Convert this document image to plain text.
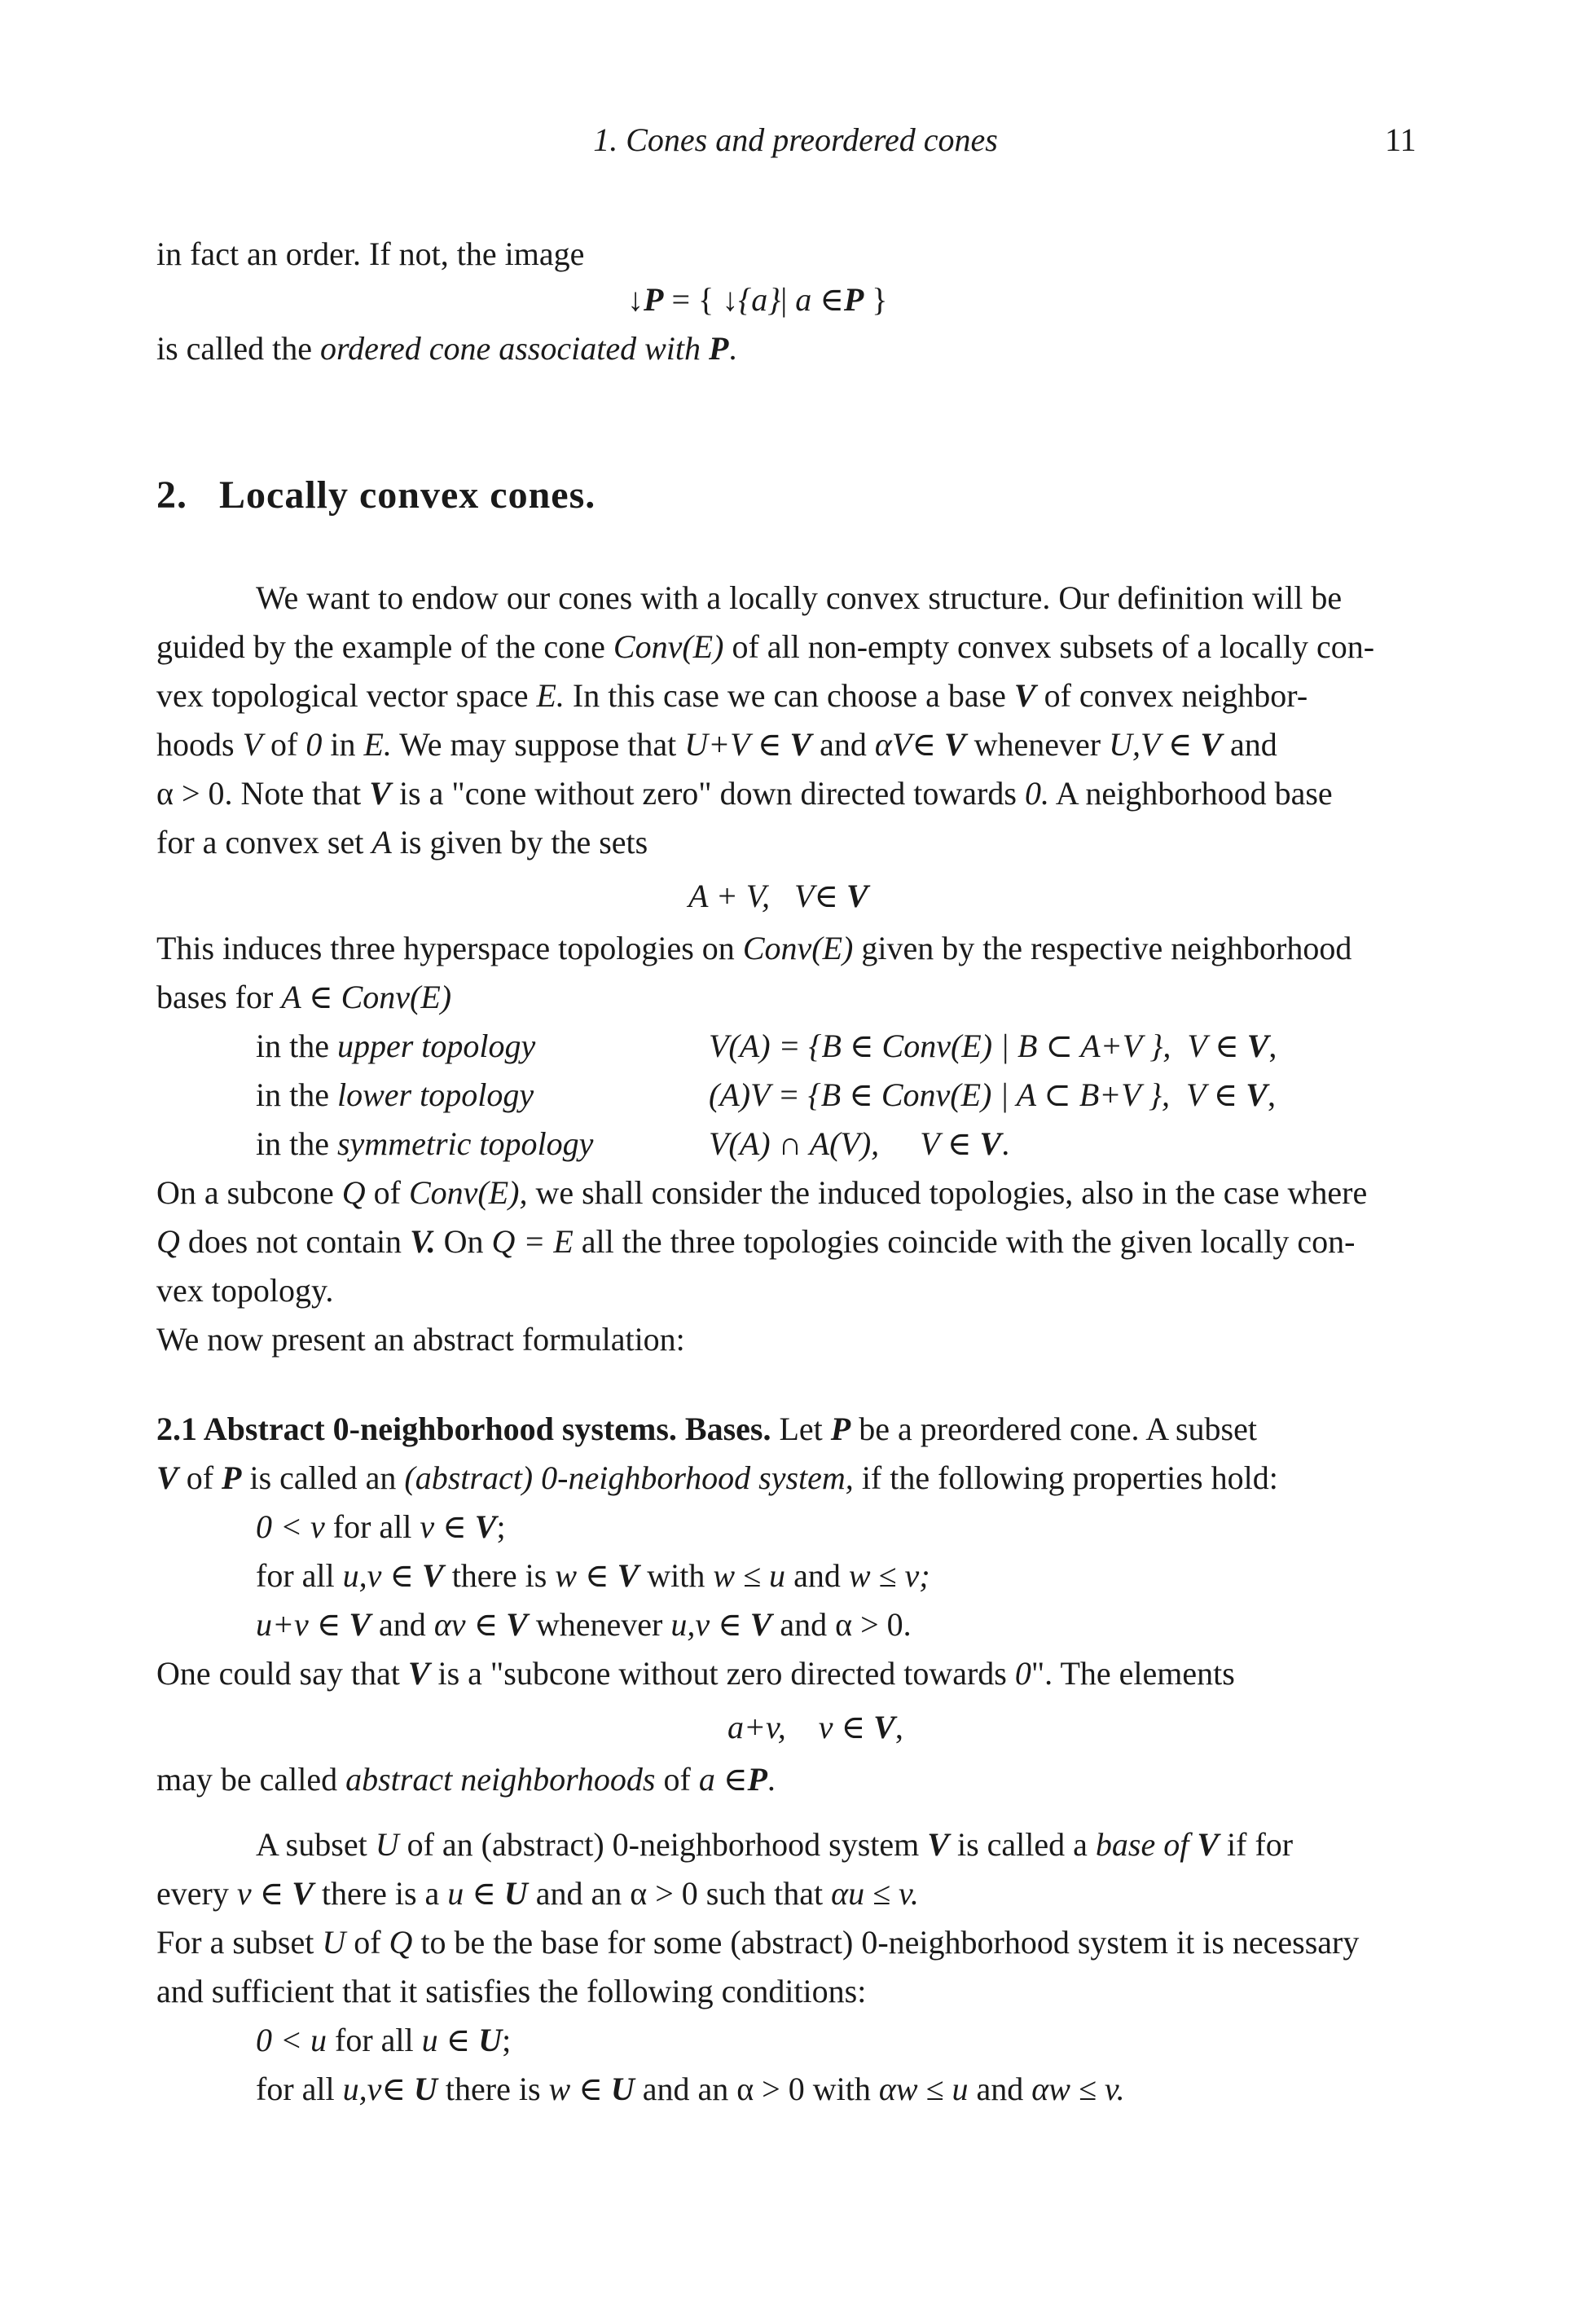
1. Cones and preordered cones	11
in fact an order. If not, the image
↓P = { ↓{a}| a ∈P }
is called the ordered cone associated with P.
2. Locally convex cones.
We want to endow our cones with a locally convex structure. Our definition will be
guided by the example of the cone Conv(E) of all non-empty convex subsets of a locally con-
vex topological vector space E. In this case we can choose a base V of convex neighbor-
hoods V of 0 in E. We may suppose that U+V ∈ V and αV∈ V whenever U,V ∈ V and
α > 0. Note that V is a "cone without zero" down directed towards 0. A neighborhood base
for a convex set A is given by the sets
A + V, V∈ V
This induces three hyperspace topologies on Conv(E) given by the respective neighborhood
bases for A ∈ Conv(E)
in the upper topology	V(A) = {B ∈ Conv(E) | B ⊂ A+V }, V ∈ V,
in the lower topology	(A)V = {B ∈ Conv(E) | A ⊂ B+V }, V ∈ V,
in the symmetric topology	V(A) ∩ A(V), V ∈ V.
On a subcone Q of Conv(E), we shall consider the induced topologies, also in the case where
Q does not contain V. On Q = E all the three topologies coincide with the given locally con-
vex topology.
We now present an abstract formulation:
2.1 Abstract 0-neighborhood systems. Bases. Let P be a preordered cone. A subset
V of P is called an (abstract) 0-neighborhood system, if the following properties hold:
0 < v for all v ∈ V;
for all u,v ∈ V there is w ∈ V with w ≤ u and w ≤ v;
u+v ∈ V and αv ∈ V whenever u,v ∈ V and α > 0.
One could say that V is a "subcone without zero directed towards 0". The elements
a+v, v ∈ V,
may be called abstract neighborhoods of a ∈P.
A subset U of an (abstract) 0-neighborhood system V is called a base of V if for
every v ∈ V there is a u ∈ U and an α > 0 such that αu ≤ v.
For a subset U of Q to be the base for some (abstract) 0-neighborhood system it is necessary
and sufficient that it satisfies the following conditions:
0 < u for all u ∈ U;
for all u,v∈ U there is w ∈ U and an α > 0 with αw ≤ u and αw ≤ v.
